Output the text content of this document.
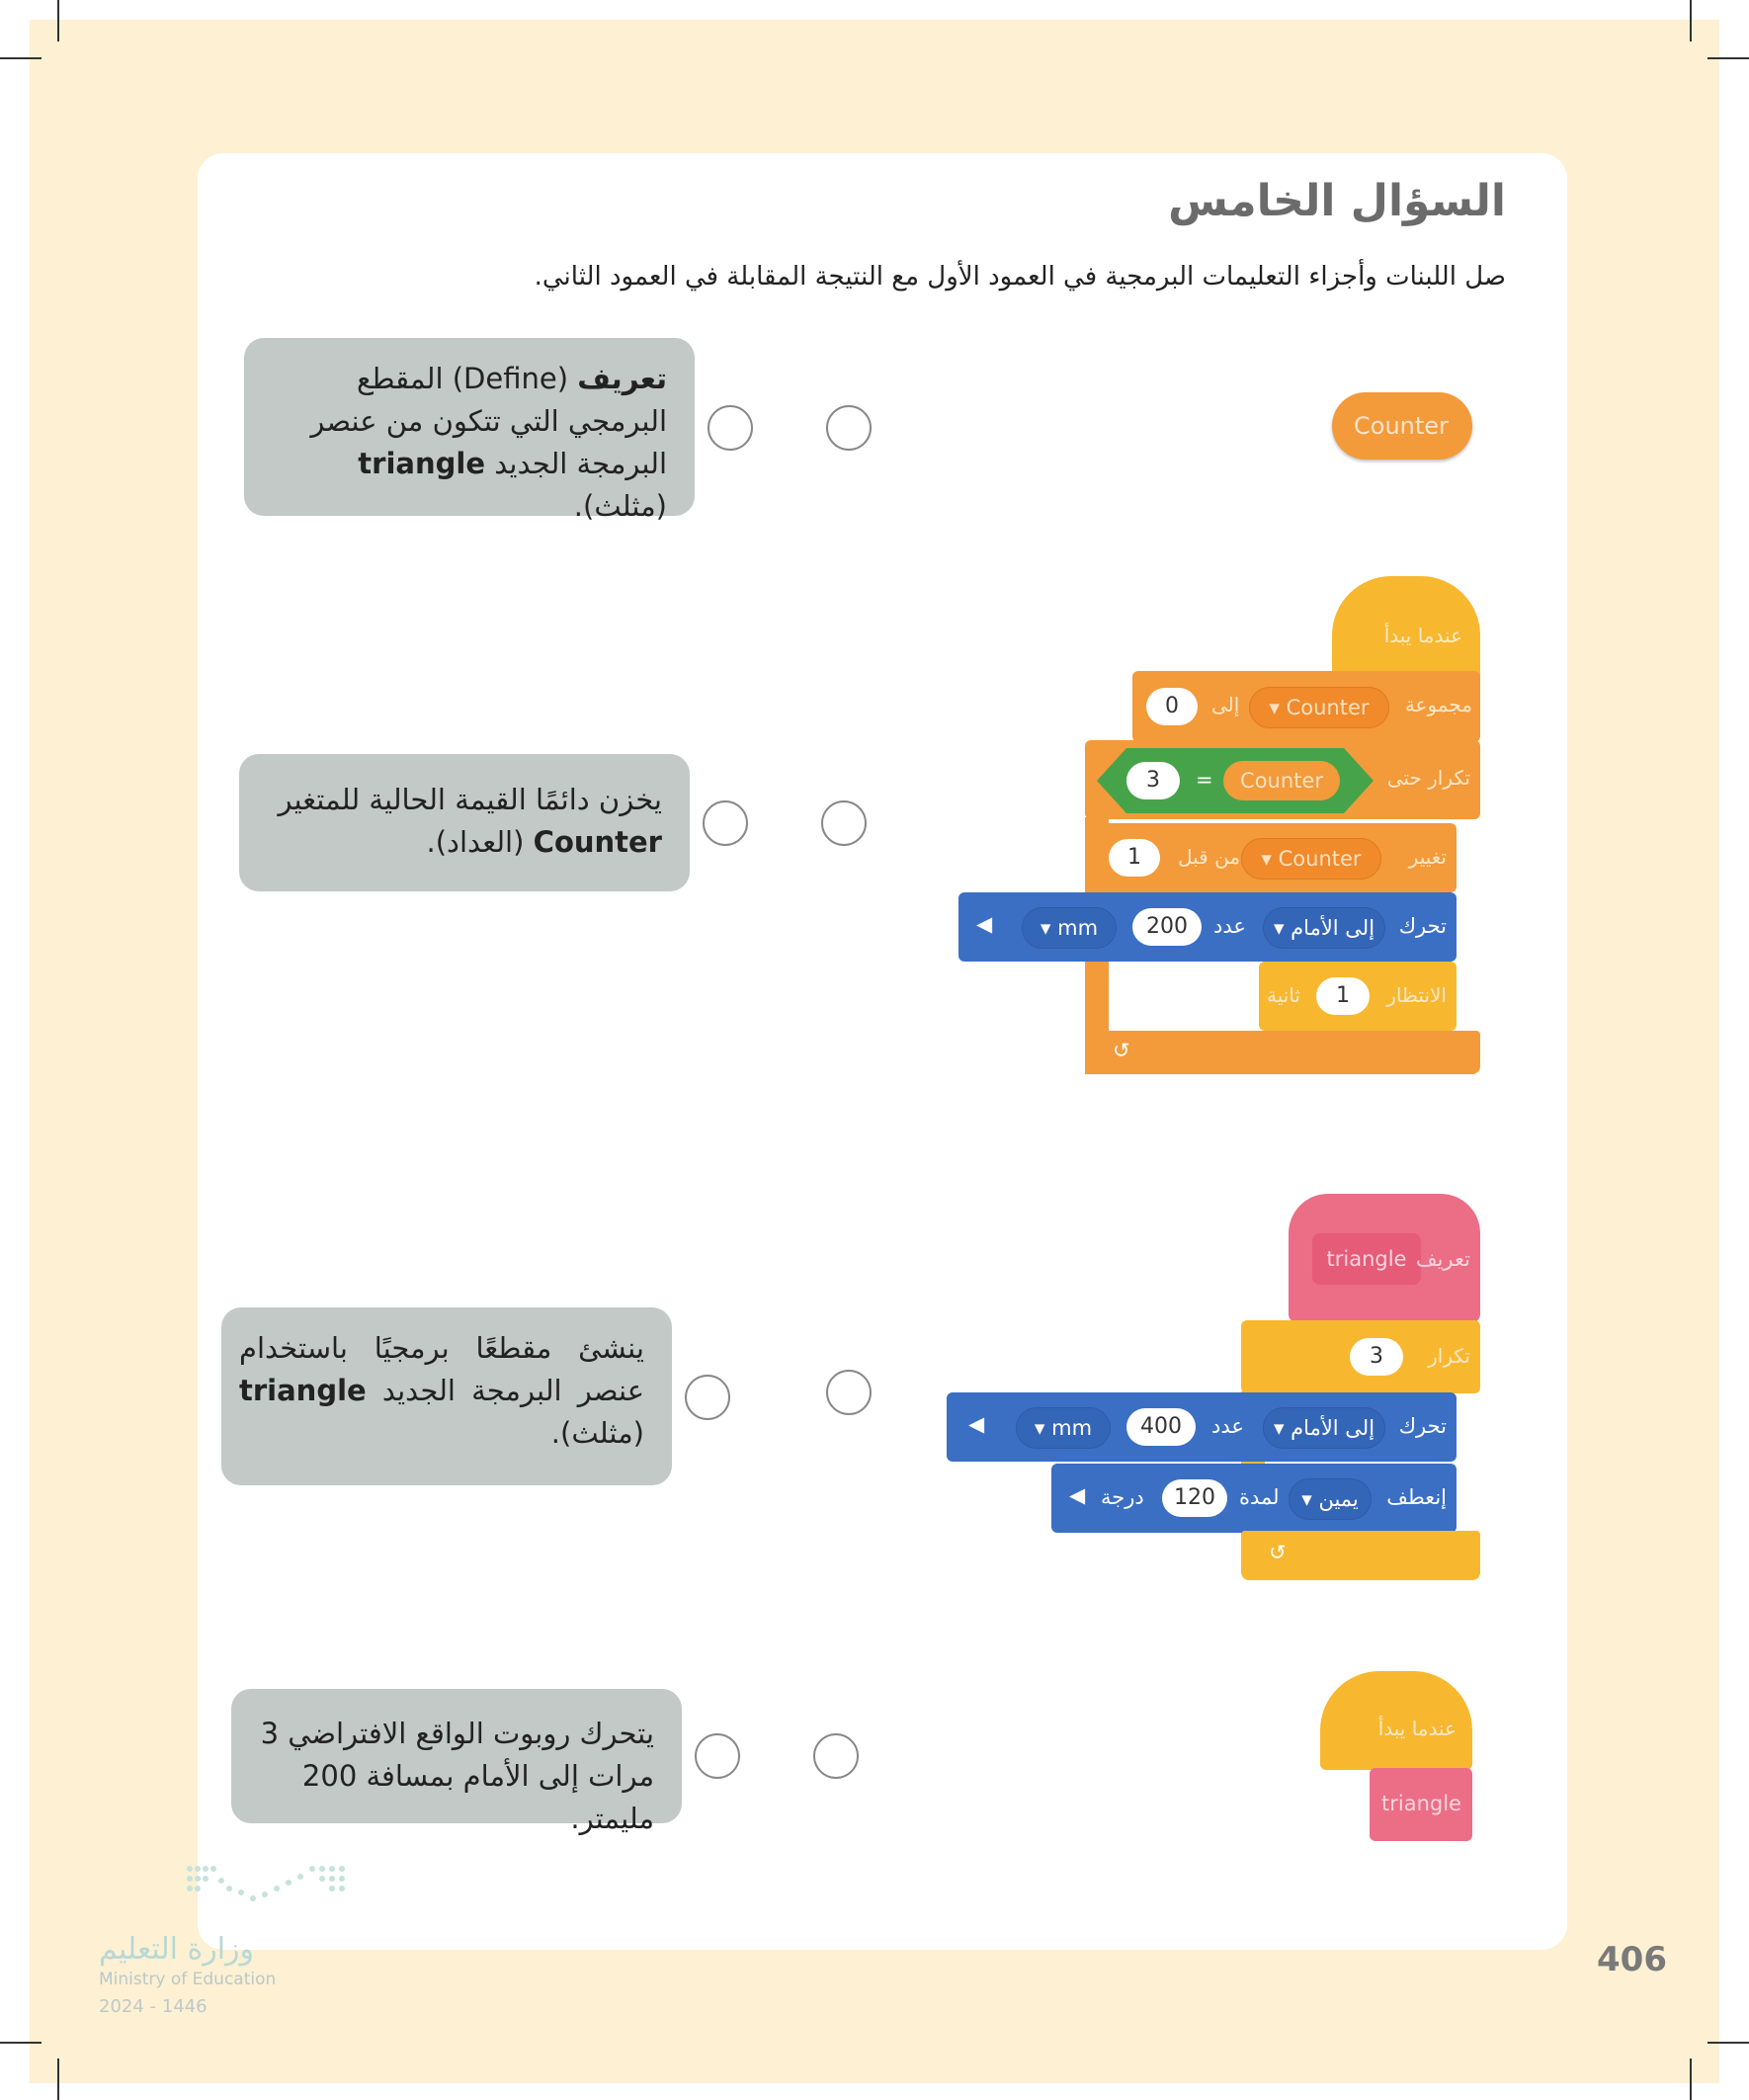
السؤال الخامس
صل اللبنات وأجزاء التعليمات البرمجية في العمود الأول مع النتيجة المقابلة في العمود الثاني.
تعريف (Define) المقطع البرمجي التي تتكون من عنصر البرمجة الجديد triangle (مثلث).
يخزن دائمًا القيمة الحالية للمتغير Counter (العداد).
ينشئ مقطعًا برمجيًا باستخدام عنصر البرمجة الجديد triangle (مثلث).
يتحرك روبوت الواقع الافتراضي 3 مرات إلى الأمام بمسافة 200 مليمتر.
Counter
عندما يبدأ
مجموعة
▾ Counter
إلى
0
تكرار حتى
3	=	Counter
تغيير
▾ Counter
من قبل
1
تحرك
▾ إلى الأمام
عدد
200
▾ mm
◀
الانتظار
1
ثانية
↺
triangle تعريف
تكرار
3
تحرك
▾ إلى الأمام
عدد
400
▾ mm
◀
إنعطف
▾ يمين
لمدة
120
درجة
◀
↺
عندما يبدأ
triangle
وزارة التعليم
Ministry of Education
2024 - 1446
406
